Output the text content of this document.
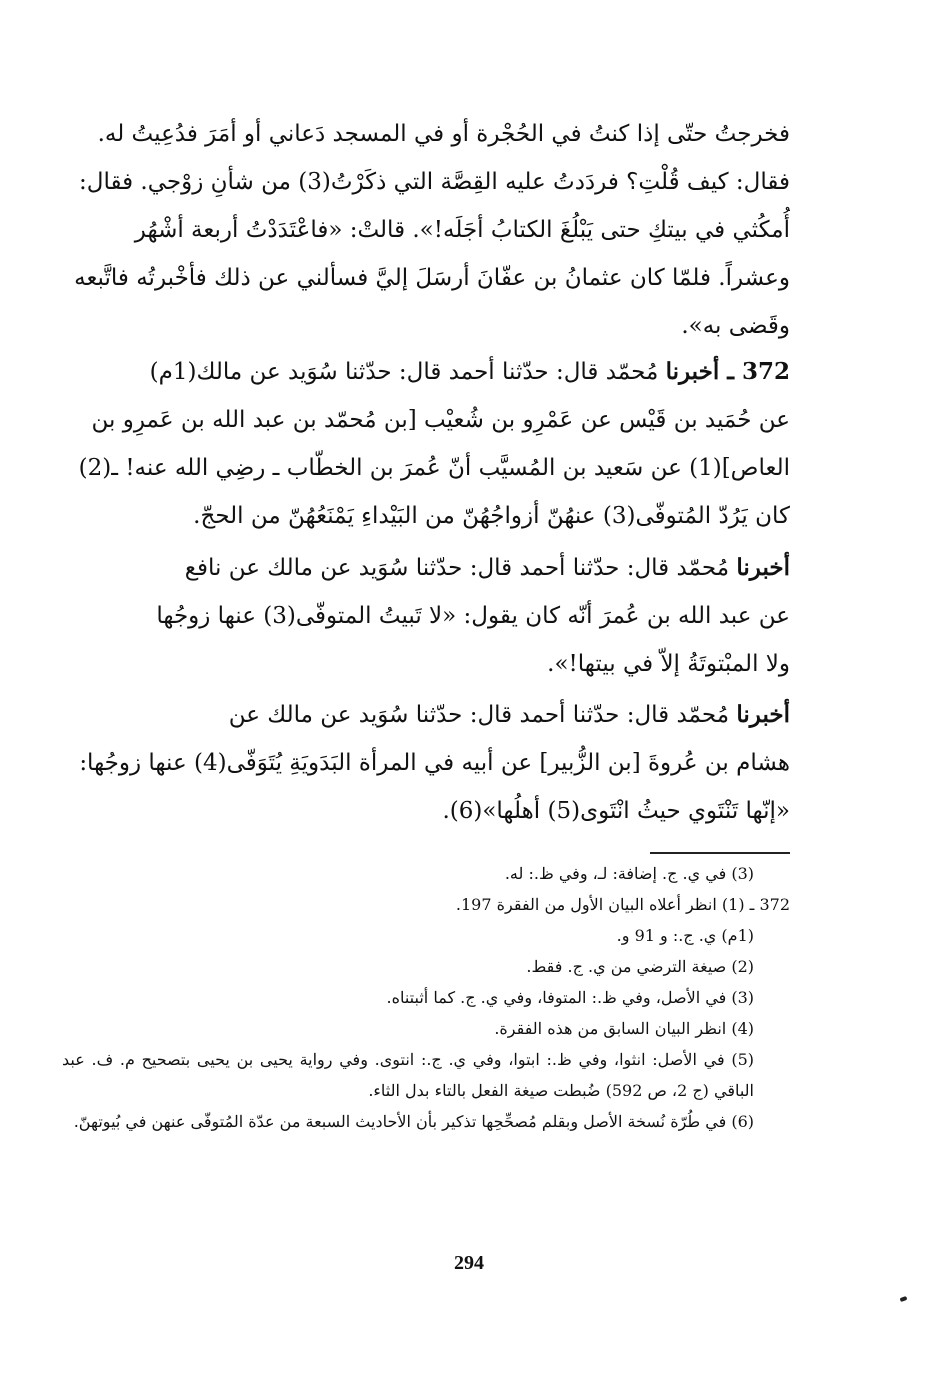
فخرجتُ حتّى إذا كنتُ في الحُجْرة أو في المسجد دَعاني أو أمَرَ فدُعِيتُ له.
فقال: كيف قُلْتِ؟ فردَدتُ عليه القِصَّة التي ذكَرْتُ(3) من شأنِ زوْجي. فقال:
أُمكُثي في بيتكِ حتى يَبْلُغَ الكتابُ أجَلَه!». قالتْ: «فاعْتَدَدْتُ أربعة أشْهُر
وعشراً. فلمّا كان عثمانُ بن عفّانَ أرسَلَ إليَّ فسألني عن ذلك فأخْبرتُه فاتَّبعه
وقَضى به».
372 ـ أخبرنا مُحمّد قال: حدّثنا أحمد قال: حدّثنا سُوَيد عن مالك(1م)
عن حُمَيد بن قَيْس عن عَمْرِو بن شُعيْب [بن مُحمّد بن عبد الله بن عَمرِو بن
العاص](1) عن سَعيد بن المُسيَّب أنّ عُمرَ بن الخطّاب ـ رضِي الله عنه! ـ(2)
كان يَرُدّ المُتوفّى(3) عنهُنّ أزواجُهُنّ من البَيْداءِ يَمْنَعُهُنّ من الحجّ.
أخبرنا مُحمّد قال: حدّثنا أحمد قال: حدّثنا سُوَيد عن مالك عن نافع
عن عبد الله بن عُمرَ أنّه كان يقول: «لا تَبيتُ المتوفّى(3) عنها زوجُها
ولا المبْتوتَةُ إلاّ في بيتها!».
أخبرنا مُحمّد قال: حدّثنا أحمد قال: حدّثنا سُوَيد عن مالك عن
هشام بن عُروةَ [بن الزُّبير] عن أبيه في المرأة البَدَويَةِ يُتَوَفّى(4) عنها زوجُها:
«إنّها تَنْتَوي حيثُ انْتَوى(5) أهلُها»(6).
(3) في ي. ج. إضافة: لـ، وفي ظ.: له.
372 ـ (1) انظر أعلاه البيان الأول من الفقرة 197.
(1م) ي. ج.: و 91 و.
(2) صيغة الترضي من ي. ج. فقط.
(3) في الأصل، وفي ظ.: المتوفا، وفي ي. ج. كما أثبتناه.
(4) انظر البيان السابق من هذه الفقرة.
(5) في الأصل: انثوا، وفي ظ.: ابتوا، وفي ي. ج.: انتوى. وفي رواية يحيى بن يحيى بتصحيح م. ف. عبد الباقي (ج 2، ص 592) ضُبطت صيغة الفعل بالتاء بدل الثاء.
(6) في طُرّة نُسخة الأصل وبقلم مُصحِّحِها تذكير بأن الأحاديث السبعة من عدّة المُتوفّى عنهن في بُيوتهنّ.
294
